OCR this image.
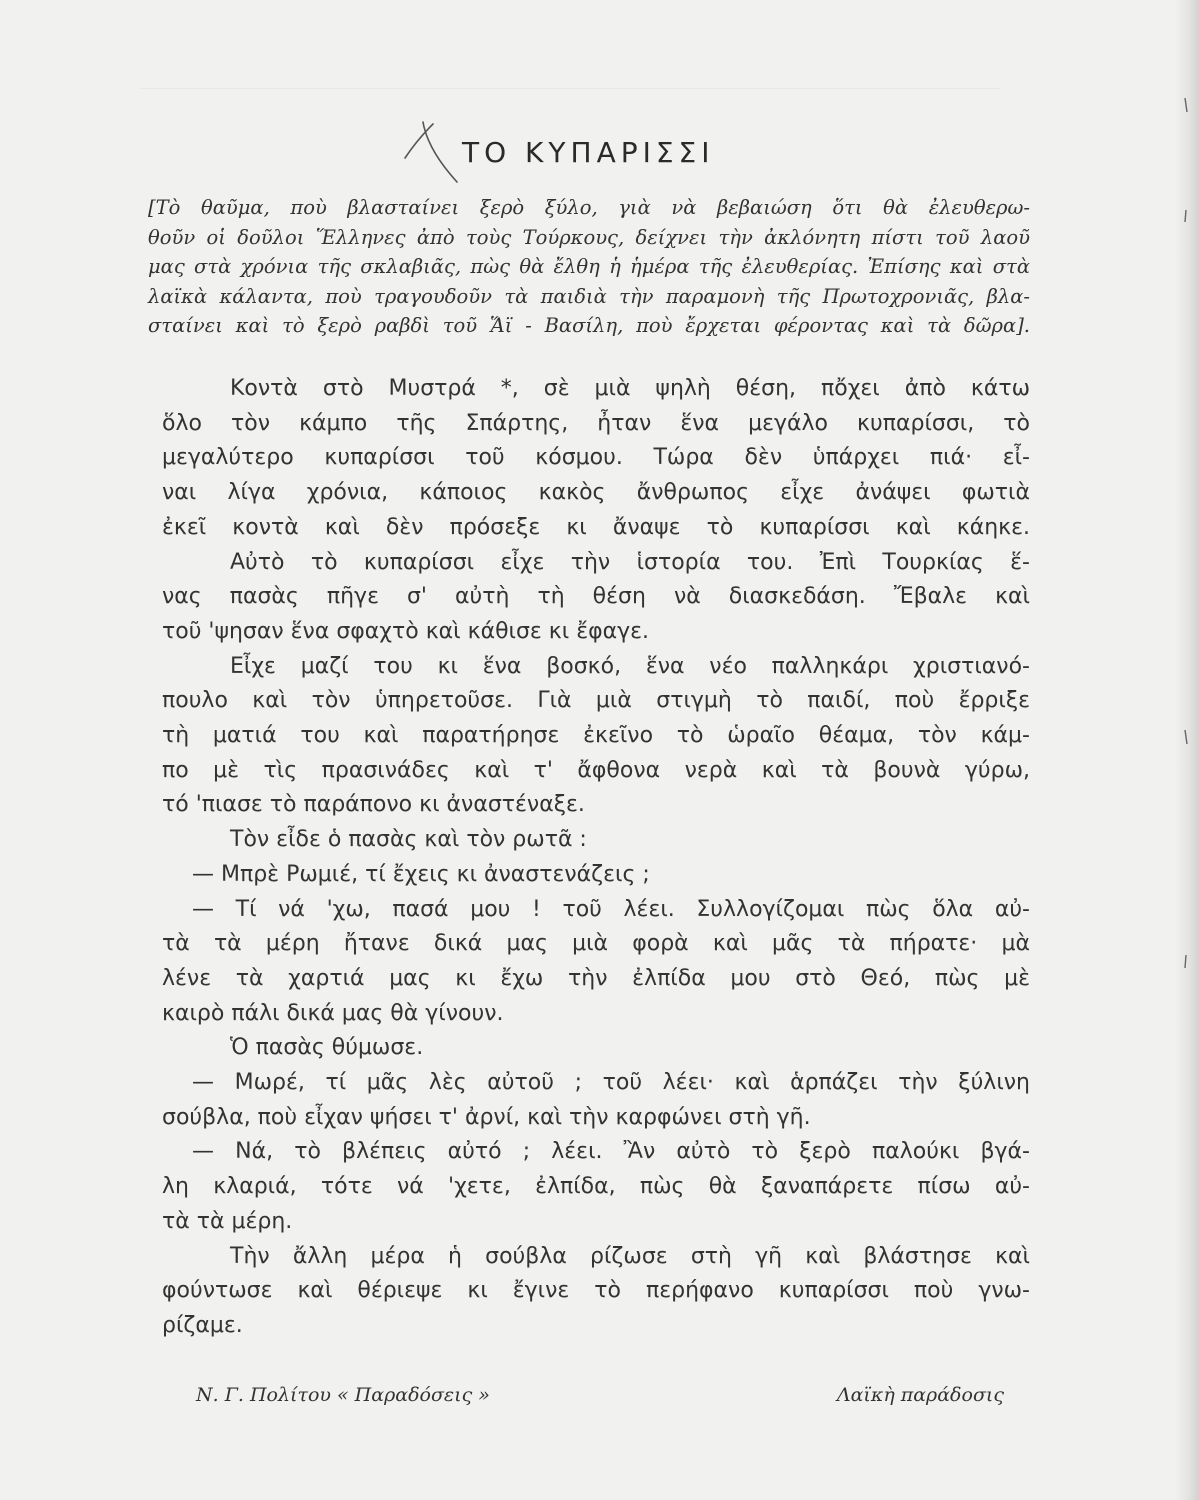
ΤΟ ΚΥΠΑΡΙΣΣΙ
[Τὸ θαῦμα, ποὺ βλασταίνει ξερὸ ξύλο, γιὰ νὰ βεβαιώση ὅτι θὰ ἐλευθερω-
θοῦν οἱ δοῦλοι Ἕλληνες ἀπὸ τοὺς Τούρκους, δείχνει τὴν ἀκλόνητη πίστι τοῦ λαοῦ
μας στὰ χρόνια τῆς σκλαβιᾶς, πὼς θὰ ἔλθη ἡ ἡμέρα τῆς ἐλευθερίας. Ἐπίσης καὶ στὰ
λαϊκὰ κάλαντα, ποὺ τραγουδοῦν τὰ παιδιὰ τὴν παραμονὴ τῆς Πρωτοχρονιᾶς, βλα-
σταίνει καὶ τὸ ξερὸ ραβδὶ τοῦ Ἅϊ - Βασίλη, ποὺ ἔρχεται φέροντας καὶ τὰ δῶρα].
Κοντὰ στὸ Μυστρά *, σὲ μιὰ ψηλὴ θέση, πὄχει ἀπὸ κάτω
ὅλο τὸν κάμπο τῆς Σπάρτης, ἦταν ἕνα μεγάλο κυπαρίσσι, τὸ
μεγαλύτερο κυπαρίσσι τοῦ κόσμου. Τώρα δὲν ὑπάρχει πιά· εἶ-
ναι λίγα χρόνια, κάποιος κακὸς ἄνθρωπος εἶχε ἀνάψει φωτιὰ
ἐκεῖ κοντὰ καὶ δὲν πρόσεξε κι ἄναψε τὸ κυπαρίσσι καὶ κάηκε.
Αὐτὸ τὸ κυπαρίσσι εἶχε τὴν ἱστορία του. Ἐπὶ Τουρκίας ἕ-
νας πασὰς πῆγε σ' αὐτὴ τὴ θέση νὰ διασκεδάση. Ἔβαλε καὶ
τοῦ 'ψησαν ἕνα σφαχτὸ καὶ κάθισε κι ἔφαγε.
Εἶχε μαζί του κι ἕνα βοσκό, ἕνα νέο παλληκάρι χριστιανό-
πουλο καὶ τὸν ὑπηρετοῦσε. Γιὰ μιὰ στιγμὴ τὸ παιδί, ποὺ ἔρριξε
τὴ ματιά του καὶ παρατήρησε ἐκεῖνο τὸ ὡραῖο θέαμα, τὸν κάμ-
πο μὲ τὶς πρασινάδες καὶ τ' ἄφθονα νερὰ καὶ τὰ βουνὰ γύρω,
τό 'πιασε τὸ παράπονο κι ἀναστέναξε.
Τὸν εἶδε ὁ πασὰς καὶ τὸν ρωτᾶ :
— Μπρὲ Ρωμιέ, τί ἔχεις κι ἀναστενάζεις ;
— Τί νά 'χω, πασά μου ! τοῦ λέει. Συλλογίζομαι πὼς ὅλα αὐ-
τὰ τὰ μέρη ἤτανε δικά μας μιὰ φορὰ καὶ μᾶς τὰ πήρατε· μὰ
λένε τὰ χαρτιά μας κι ἔχω τὴν ἐλπίδα μου στὸ Θεό, πὼς μὲ
καιρὸ πάλι δικά μας θὰ γίνουν.
Ὁ πασὰς θύμωσε.
— Μωρέ, τί μᾶς λὲς αὐτοῦ ; τοῦ λέει· καὶ ἁρπάζει τὴν ξύλινη
σούβλα, ποὺ εἶχαν ψήσει τ' ἀρνί, καὶ τὴν καρφώνει στὴ γῆ.
— Νά, τὸ βλέπεις αὐτό ; λέει. Ἂν αὐτὸ τὸ ξερὸ παλούκι βγά-
λη κλαριά, τότε νά 'χετε, ἐλπίδα, πὼς θὰ ξαναπάρετε πίσω αὐ-
τὰ τὰ μέρη.
Τὴν ἄλλη μέρα ἡ σούβλα ρίζωσε στὴ γῆ καὶ βλάστησε καὶ
φούντωσε καὶ θέριεψε κι ἔγινε τὸ περήφανο κυπαρίσσι ποὺ γνω-
ρίζαμε.
Ν. Γ. Πολίτου « Παραδόσεις »	Λαϊκὴ παράδοσις
